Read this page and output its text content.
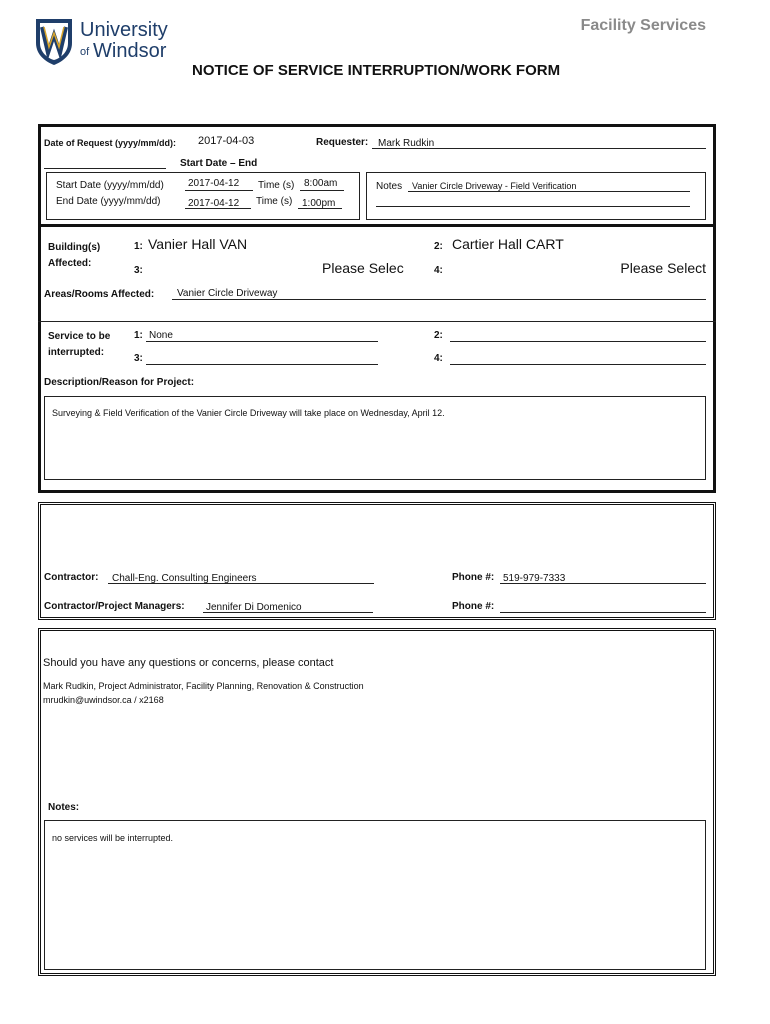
University
of Windsor
Facility Services
NOTICE OF SERVICE INTERRUPTION/WORK FORM
Date of Request (yyyy/mm/dd): 2017-04-03	Requester: Mark Rudkin
Start Date – End
Start Date (yyyy/mm/dd) 2017-04-12 Time (s) 8:00am
End Date (yyyy/mm/dd)	2017-04-12 Time (s) 1:00pm
Notes Vanier Circle Driveway - Field Verification
Building(s)
Affected:
1: Vanier Hall VAN	2: Cartier Hall CART
3:	Please Selec	4:	Please Select
Areas/Rooms Affected: Vanier Circle Driveway
Service to be
interrupted:
1: None	2:
3:	4:
Description/Reason for Project:
Surveying & Field Verification of the Vanier Circle Driveway will take place on Wednesday, April 12.
Contractor: Chall-Eng. Consulting Engineers	Phone #: 519-979-7333
Contractor/Project Managers: Jennifer Di Domenico	Phone #:
Should you have any questions or concerns, please contact
Mark Rudkin, Project Administrator, Facility Planning, Renovation & Construction
mrudkin@uwindsor.ca / x2168
Notes:
no services will be interrupted.
